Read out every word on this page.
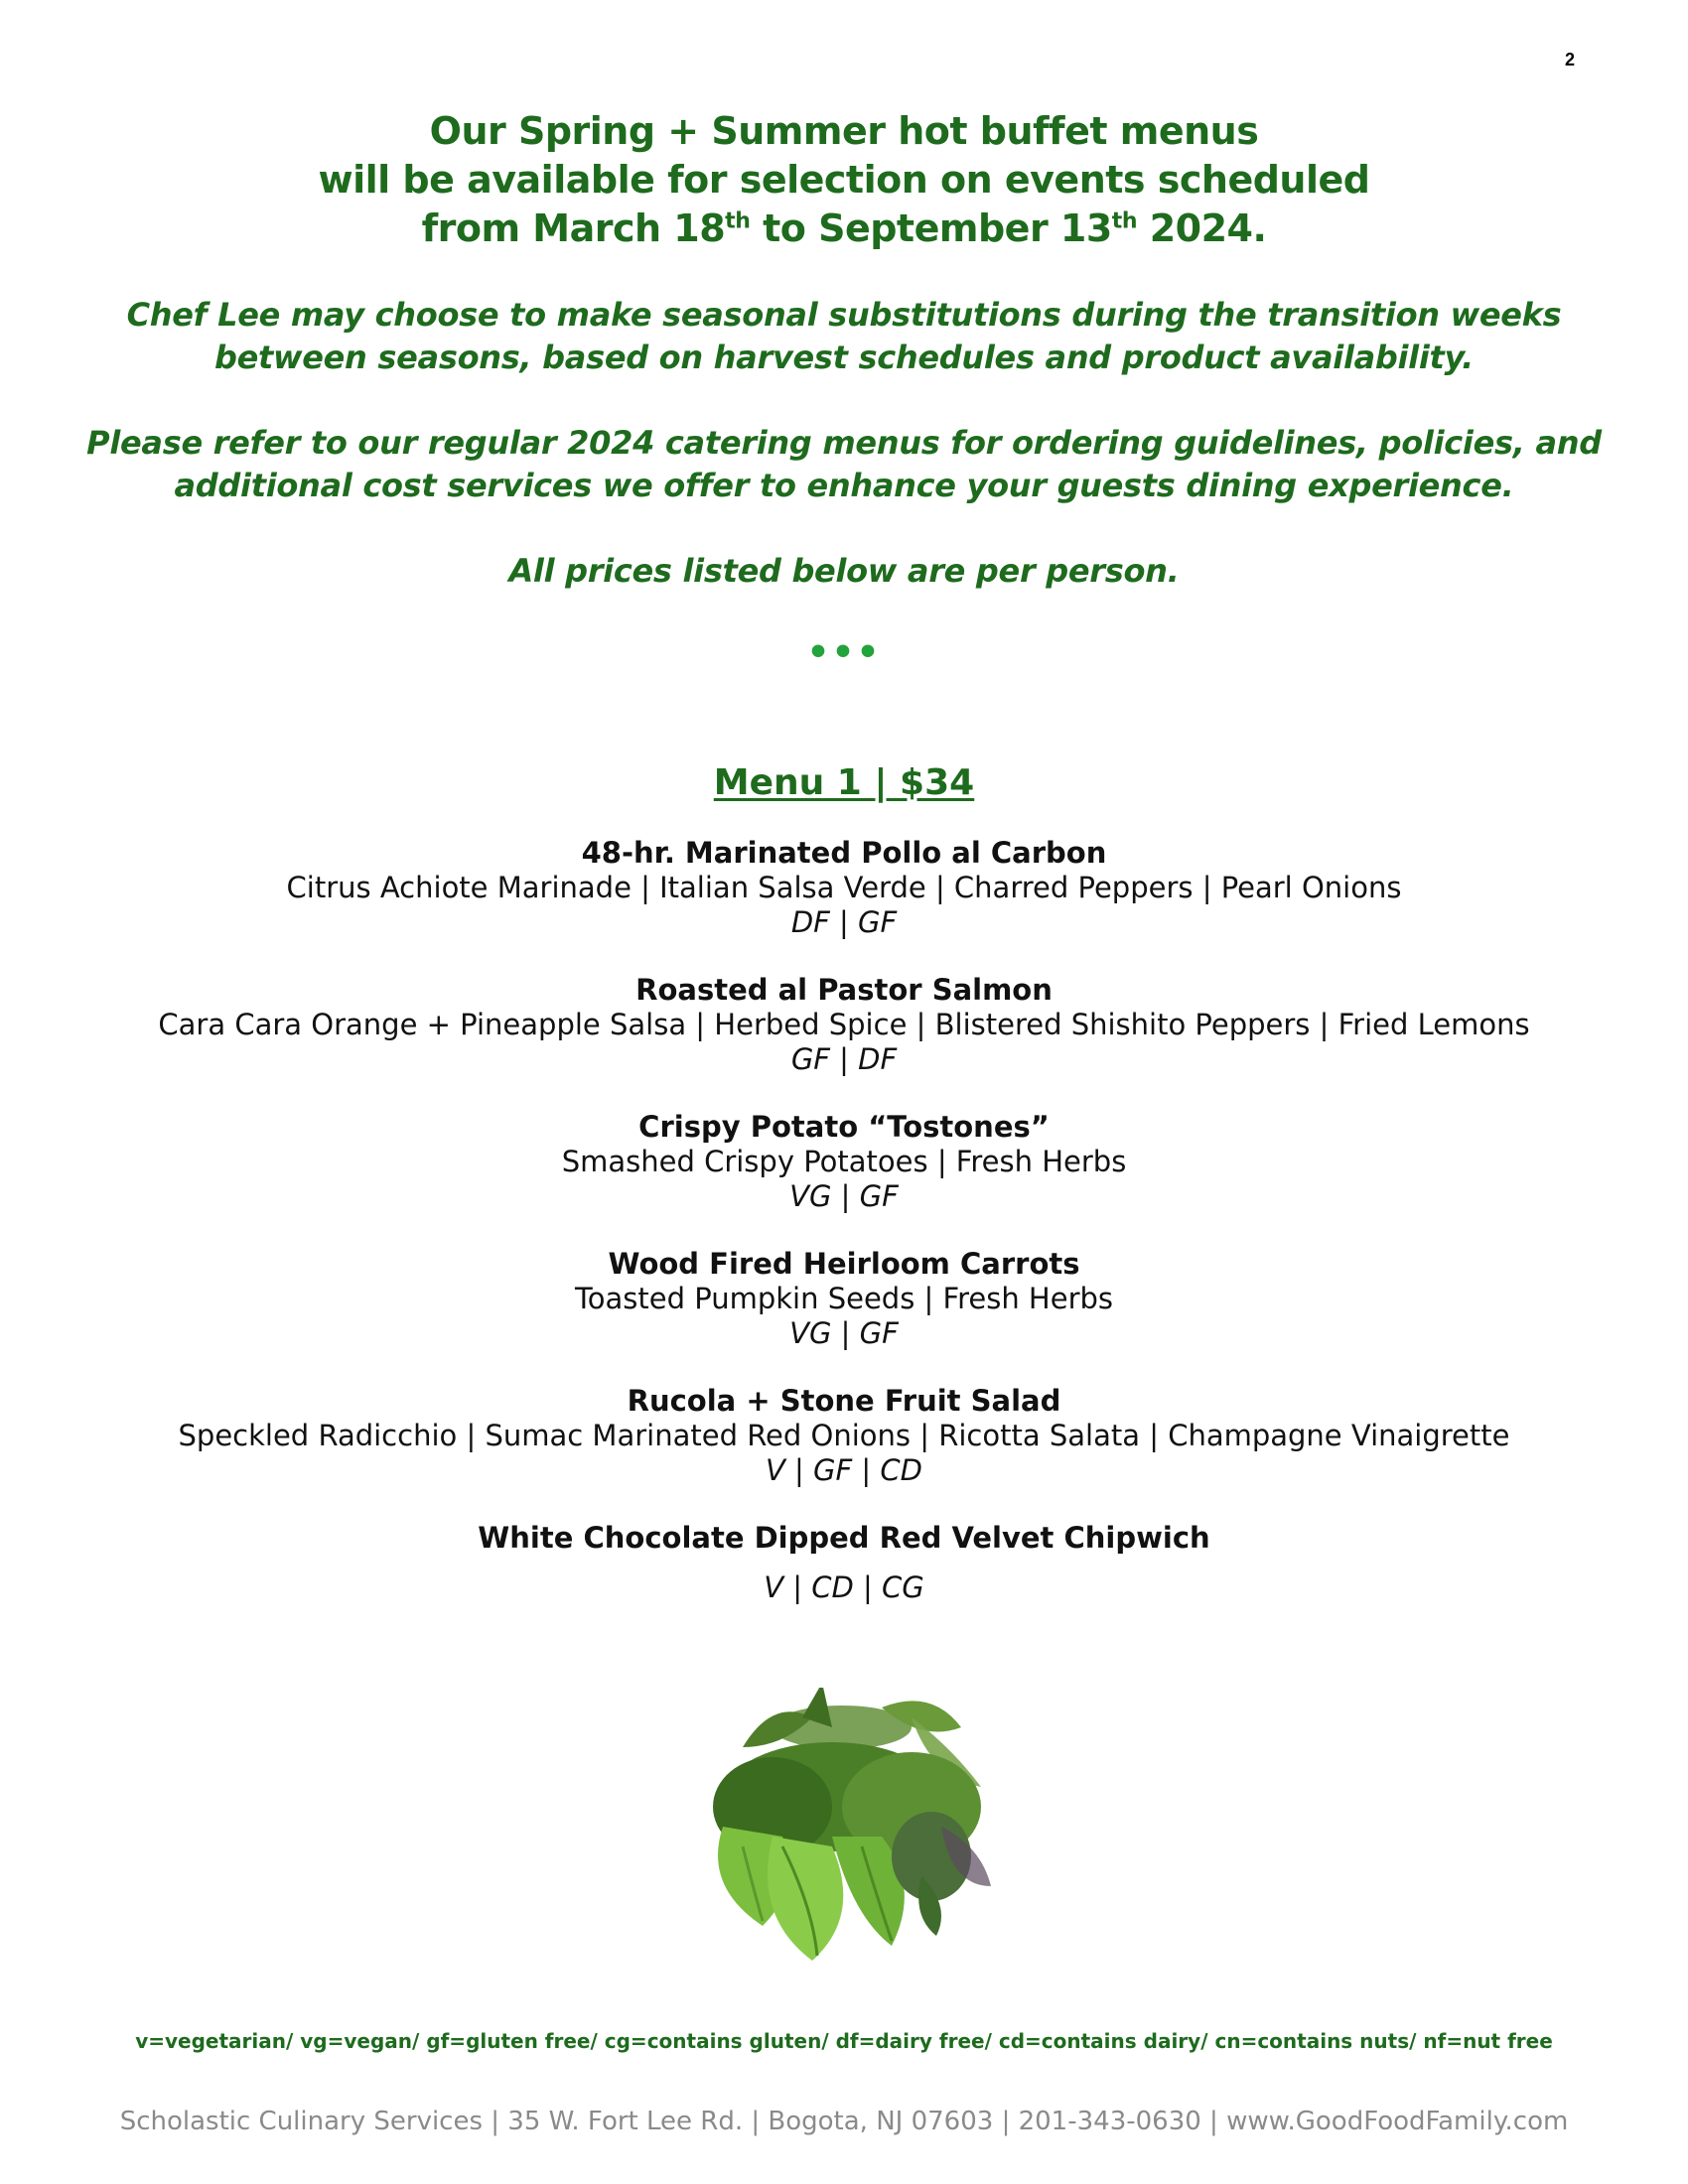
2
Our Spring + Summer hot buffet menus
will be available for selection on events scheduled
from March 18th to September 13th 2024.

Chef Lee may choose to make seasonal substitutions during the transition weeks
between seasons, based on harvest schedules and product availability.

Please refer to our regular 2024 catering menus for ordering guidelines, policies, and
additional cost services we offer to enhance your guests dining experience.

All prices listed below are per person.

•••
Menu 1 | $34
48-hr. Marinated Pollo al Carbon
Citrus Achiote Marinade | Italian Salsa Verde | Charred Peppers | Pearl Onions
DF | GF
Roasted al Pastor Salmon
Cara Cara Orange + Pineapple Salsa | Herbed Spice | Blistered Shishito Peppers | Fried Lemons
GF | DF
Crispy Potato “Tostones”
Smashed Crispy Potatoes | Fresh Herbs
VG | GF
Wood Fired Heirloom Carrots
Toasted Pumpkin Seeds | Fresh Herbs
VG | GF
Rucola + Stone Fruit Salad
Speckled Radicchio | Sumac Marinated Red Onions | Ricotta Salata | Champagne Vinaigrette
V | GF | CD
White Chocolate Dipped Red Velvet Chipwich
V | CD | CG
v=vegetarian/ vg=vegan/ gf=gluten free/ cg=contains gluten/ df=dairy free/ cd=contains dairy/ cn=contains nuts/ nf=nut free
Scholastic Culinary Services | 35 W. Fort Lee Rd. | Bogota, NJ 07603 | 201-343-0630 | www.GoodFoodFamily.com
